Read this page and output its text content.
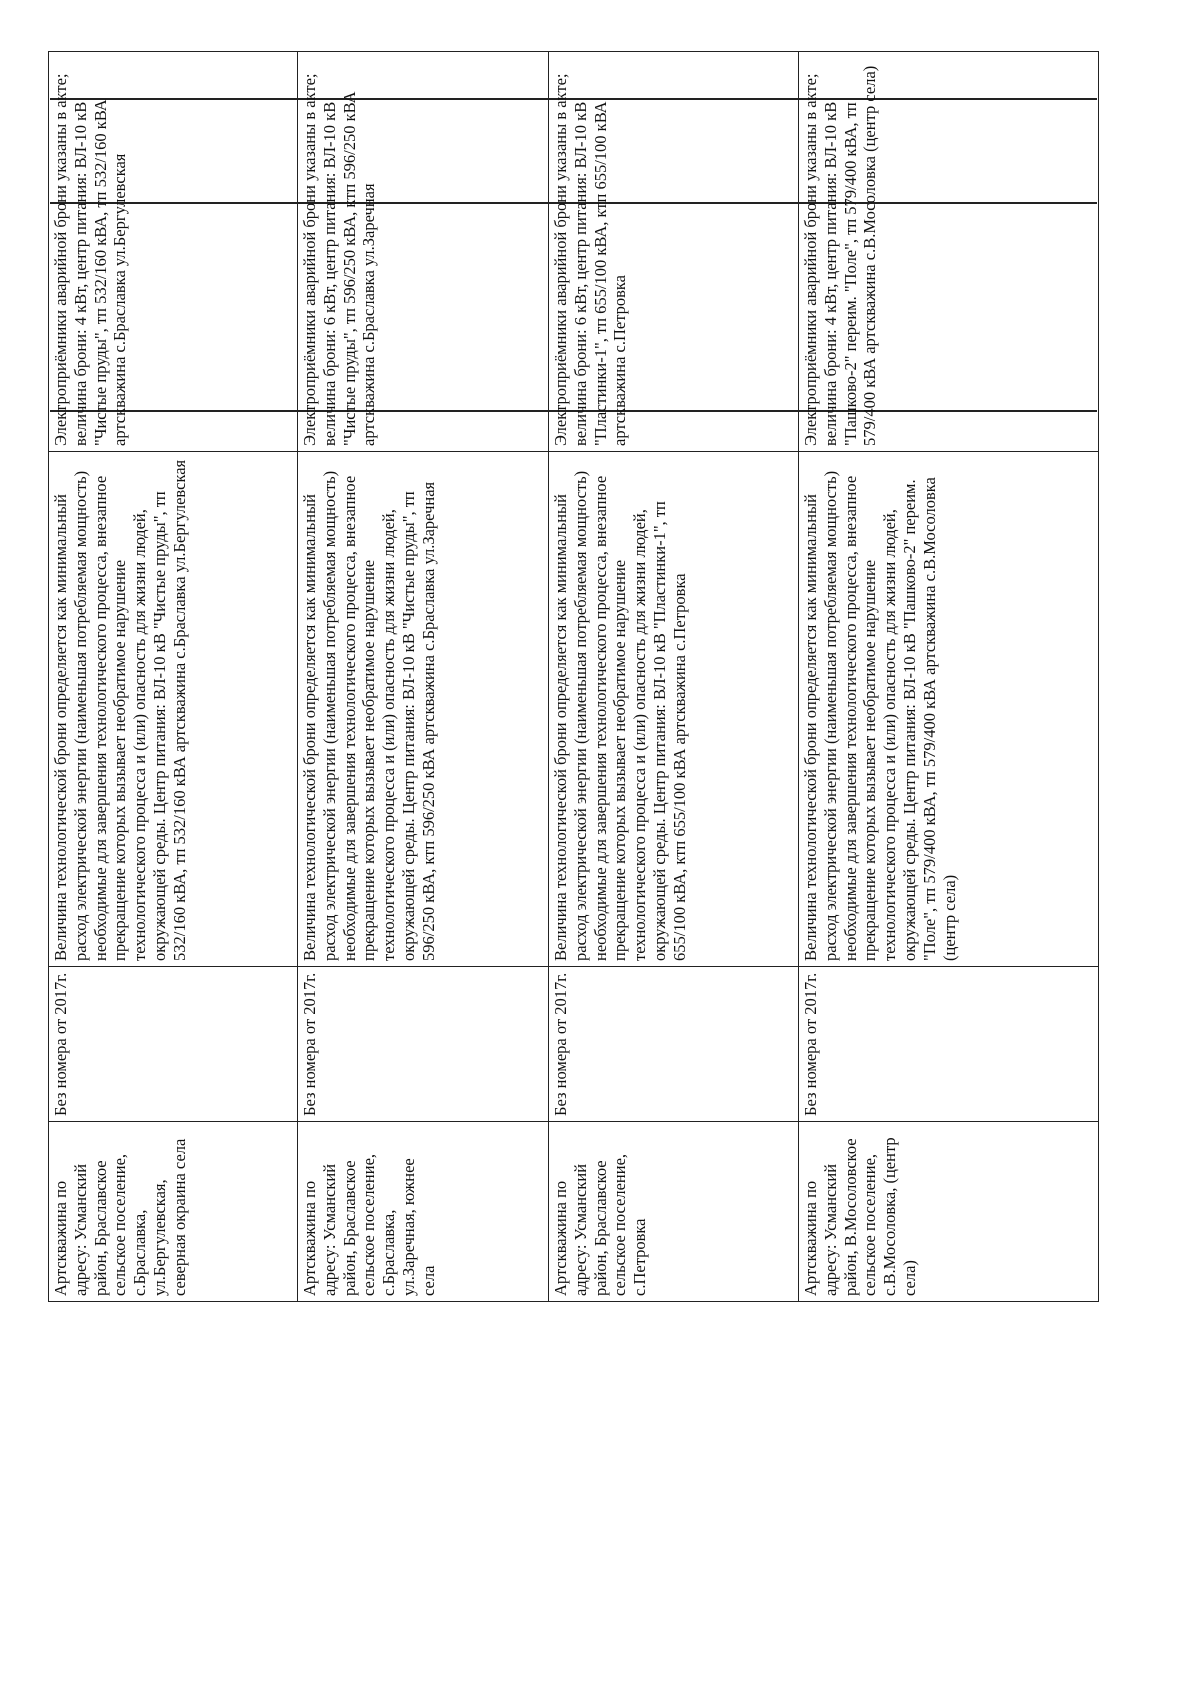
Артскважина по адресу: Усманский район, Браславское сельское поселение, с.Браславка, ул.Бергулевская, северная окраина села	Без номера от 2017г.	Величина технологической брони определяется как минимальный расход электрической энергии (наименьшая потребляемая мощность) необходимые для завершения технологического процесса, внезапное прекращение которых вызывает необратимое нарушение технологического процесса и (или) опасность для жизни людей, окружающей среды. Центр питания: ВЛ-10 кВ "Чистые пруды", тп 532/160 кВА, тп 532/160 кВА артскважина с.Браславка ул.Бергулевская	Электроприёмники аварийной брони указаны в акте; величина брони: 4 кВт, центр питания: ВЛ-10 кВ "Чистые пруды", тп 532/160 кВА, тп 532/160 кВА артскважина с.Браславка ул.Бергулевская
Артскважина по адресу: Усманский район, Браславское сельское поселение, с.Браславка, ул.Заречная, южнее села	Без номера от 2017г.	Величина технологической брони определяется как минимальный расход электрической энергии (наименьшая потребляемая мощность) необходимые для завершения технологического процесса, внезапное прекращение которых вызывает необратимое нарушение технологического процесса и (или) опасность для жизни людей, окружающей среды. Центр питания: ВЛ-10 кВ "Чистые пруды", тп 596/250 кВА, ктп 596/250 кВА артскважина с.Браславка ул.Заречная	Электроприёмники аварийной брони указаны в акте; величина брони: 6 кВт, центр питания: ВЛ-10 кВ "Чистые пруды", тп 596/250 кВА, ктп 596/250 кВА артскважина с.Браславка ул.Заречная
Артскважина по адресу: Усманский район, Браславское сельское поселение, с.Петровка	Без номера от 2017г.	Величина технологической брони определяется как минимальный расход электрической энергии (наименьшая потребляемая мощность) необходимые для завершения технологического процесса, внезапное прекращение которых вызывает необратимое нарушение технологического процесса и (или) опасность для жизни людей, окружающей среды. Центр питания: ВЛ-10 кВ "Пластинки-1", тп 655/100 кВА, ктп 655/100 кВА артскважина с.Петровка	Электроприёмники аварийной брони указаны в акте; величина брони: 6 кВт, центр питания: ВЛ-10 кВ "Пластинки-1", тп 655/100 кВА, ктп 655/100 кВА артскважина с.Петровка
Артскважина по адресу: Усманский район, В.Мосоловское сельское поселение, с.В.Мосоловка, (центр села)	Без номера от 2017г.	Величина технологической брони определяется как минимальный расход электрической энергии (наименьшая потребляемая мощность) необходимые для завершения технологического процесса, внезапное прекращение которых вызывает необратимое нарушение технологического процесса и (или) опасность для жизни людей, окружающей среды. Центр питания: ВЛ-10 кВ "Пашково-2" переим. "Поле", тп 579/400 кВА, тп 579/400 кВА артскважина с.В.Мосоловка (центр села)	Электроприёмники аварийной брони указаны в акте; величина брони: 4 кВт, центр питания: ВЛ-10 кВ "Пашково-2" переим. "Поле", тп 579/400 кВА, тп 579/400 кВА артскважина с.В.Мосоловка (центр села)
